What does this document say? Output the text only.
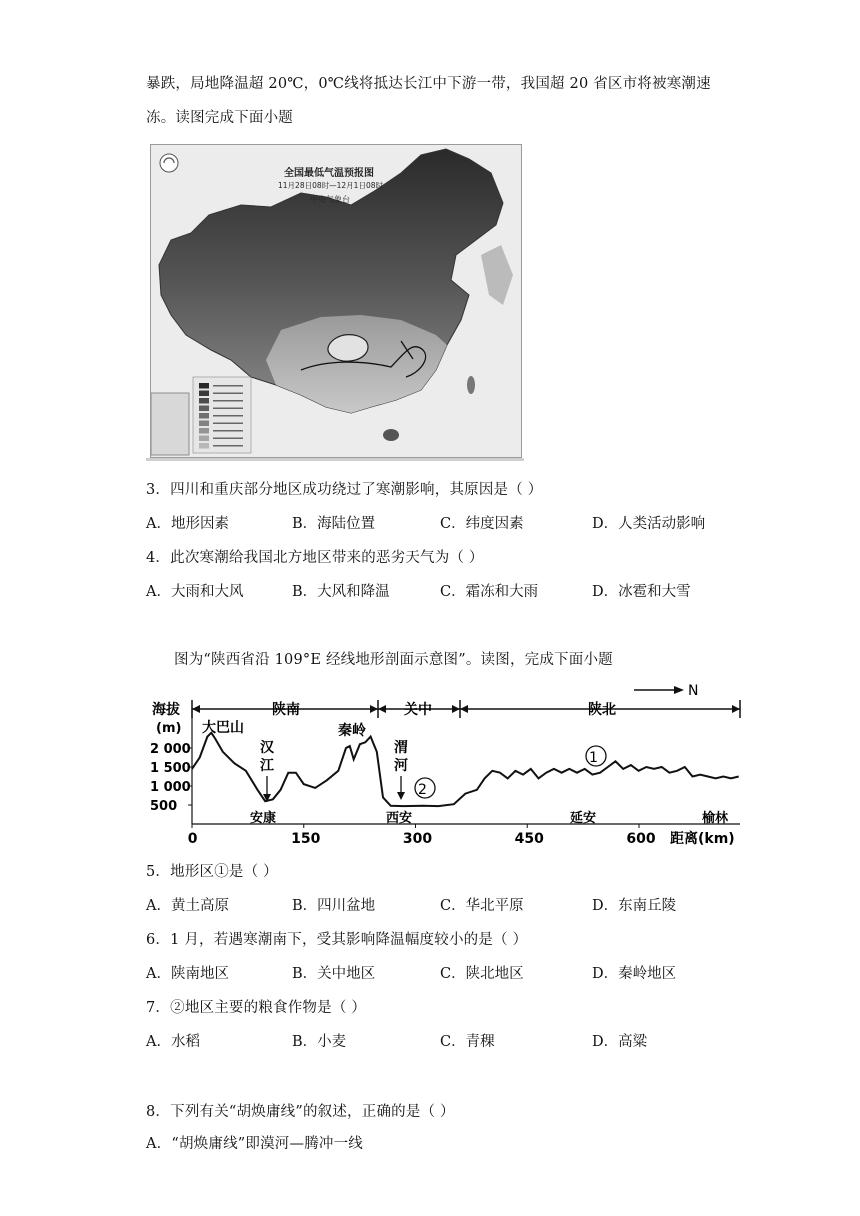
暴跌，局地降温超 20℃，0℃线将抵达长江中下游一带，我国超 20 省区市将被寒潮速
冻。读图完成下面小题
全国最低气温预报图
11月28日08时—12月1日08时
中央气象台
3．四川和重庆部分地区成功绕过了寒潮影响，其原因是（ ）
A．地形因素	B．海陆位置	C．纬度因素	D．人类活动影响
4．此次寒潮给我国北方地区带来的恶劣天气为（ ）
A．大雨和大风	B．大风和降温	C．霜冻和大雨	D．冰雹和大雪
图为“陕西省沿 109°E 经线地形剖面示意图”。读图，完成下面小题
N
陕南	关中	陕北
海拔
(m)
2 000
1 500
1 000
500
0	150	300	450	600 距离(km)
大巴山	秦岭
汉江
渭河	1
2
安康	西安	延安	榆林
5．地形区①是（ ）
A．黄土高原	B．四川盆地	C．华北平原	D．东南丘陵
6．1 月，若遇寒潮南下，受其影响降温幅度较小的是（ ）
A．陕南地区	B．关中地区	C．陕北地区	D．秦岭地区
7．②地区主要的粮食作物是（ ）
A．水稻	B．小麦	C．青稞	D．高粱
8．下列有关“胡焕庸线”的叙述，正确的是（ ）
A．“胡焕庸线”即漠河—腾冲一线
